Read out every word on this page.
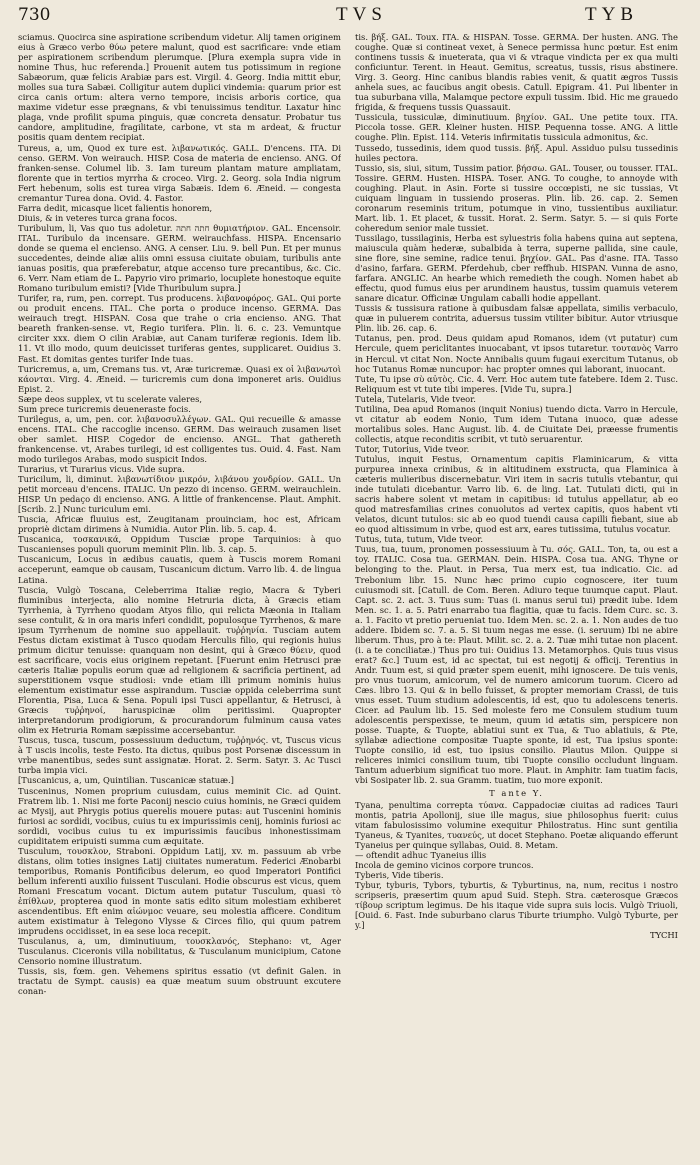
730	TVS	TYB

sciamus. Quocirca sine aspiratione scribendum videtur. Alij tamen originem eius à Græco verbo θύω petere malunt, quod est sacrificare: vnde etiam per aspirationem scribendum plerumque. [Plura exempla supra vide in nomine Thus, huc referenda.] Prouenit autem tus potissimum in regione Sabæorum, quæ felicis Arabiæ pars est. Virgil. 4. Georg. India mittit ebur, molles sua tura Sabæi. Colligitur autem duplici vindemia: quarum prior est circa canis ortum: altera verno tempore, incisis arboris cortice, qua maxime videtur esse prægnans, & vbi tenuissimus tenditur. Laxatur hinc plaga, vnde profilit spuma pinguis, quæ concreta densatur. Probatur tus candore, amplitudine, fragilitate, carbone, vt sta m ardeat, & fructur positis quam dentem recipiat.
Tureus, a, um, Quod ex ture est. λιβανωτικός. GALL. D'encens. ITA. Di censo. GERM. Von weirauch. HISP. Cosa de materia de encienso. ANG. Of franken-sense. Columel lib. 3. Iam tureum plantam mature ampliatam, florente que in tertios myrrha & croceo. Virg. 2. Georg. sola India nigrum Fert hebenum, solis est turea virga Sabæis. Idem 6. Æneid. — congesta cremantur Turea dona. Ovid. 4. Fastor.
Farra dedit, micasque licet falientis honorem,
Diuis, & in veteres turca grana focos.
Turibulum, li, Vas quo tus adoletur. חתה חתה θυμιατήριον. GAL. Encensoir. ITAL. Turibulo da incensare. GERM. weirauchfass. HISPA. Encensario donde se quema el encienso. ANG. A censer. Liu. 9. bell Pun. Et per munus succedentes, deinde aliæ aliis omni essusa ciuitate obuiam, turibulis ante ianuas positis, qua præferebatur, atque accenso ture precantibus, &c. Cic. 6. Verr. Nam etiam de L. Papyrio viro primario, locuplete honestoque equite Romano turibulum emisti? [Vide Thuribulum supra.]
Turifer, ra, rum, pen. corrept. Tus producens. λιβανοφόρος. GAL. Qui porte ou produit encens. ITAL. Che porta o produce incenso. GERMA. Das weirauch tregt. HISPAN. Cosa que trahe o cria encienso. ANG. That beareth franken-sense. vt, Regio turifera. Plin. li. 6. c. 23. Vemuntque circiter xxx. diem O cilin Arabiæ, aut Canam turiferæ regionis. Idem lib. 11. Vt illo modo, quum deuicisset turiferas gentes, supplicaret. Ouidius 3. Fast. Et domitas gentes turifer Inde tuas.
Turicremus, a, um, Cremans tus. vt, Aræ turicremæ. Quasi ex οἱ λιβανωτοὶ κάονται. Virg. 4. Æneid. — turicremis cum dona imponeret aris. Ouidius Epist. 2.
Sæpe deos supplex, vt tu scelerate valeres,
Sum prece turicremis deueneraste focis.
Turilegus, a, um, pen. cor. λιβανοσυλλέγων. GAL. Qui recueille & amasse encens. ITAL. Che raccoglie incenso. GERM. Das weirauch zusamen liset ober samlet. HISP. Cogedor de encienso. ANGL. That gathereth frankencense. vt, Arabes turilegi, id est colligentes tus. Ouid. 4. Fast. Nam modo turilegos Arabas, modo suspicit Indos.
Turarius, vt Turarius vicus. Vide supra.
Turicilum, li, diminut. λιβανωτίδιον μικρόν, λιβάνου χονδρίον. GALL. Un petit morceau d'encens. ITALIC. Un pezzo di incenso. GERM. weirauchlein. HISP. Un pedaço di encienso. ANG. A little of frankencense. Plaut. Amphit. [Scrib. 2.] Nunc turiculum emi.
Tuscia, Africæ fluuius est, Zeugitanam prouinciam, hoc est, Africam propriè dictam dirimens à Numidia. Autor Plin. lib. 5. cap. 4.
Tuscanica, τοσκανικά, Oppidum Tusciæ prope Tarquinios: à quo Tuscanienses populi quorum meminit Plin. lib. 3. cap. 5.
Tuscanicum, Locus in ædibus cauatis, quem à Tuscis morem Romani acceperunt, eamque ob causam, Tuscanicum dictum. Varro lib. 4. de lingua Latina.
Tuscia, Vulgò Toscana, Celeberrima Italiæ regio, Macra & Tyberi fluminibus interjecta, alio nomine Hetruria dicta, à Græcis etiam Tyrrhenia, à Tyrrheno quodam Atyos filio, qui relicta Mæonia in Italiam sese contulit, & in ora maris inferi condidit, populosque Tyrrhenos, & mare ipsum Tyrrhenum de nomine suo appellauit. τυῤῥηνία. Tusciam autem Festus dictam existimat à Tusco quodam Herculis filio, qui regionis huius primum dicitur tenuisse: quanquam non desint, qui à Græco θύειν, quod est sacrificare, vocis eius originem repetant. [Fuerunt enim Hetrusci præ cæteris Italiæ populis eorum quæ ad religionem & sacrificia pertinent, ad superstitionem vsque studiosi: vnde etiam illi primum nominis huius elementum existimatur esse aspirandum. Tusciæ oppida celeberrima sunt Florentia, Pisa, Luca & Sena. Populi ipsi Tusci appellantur, & Hetrusci, à Græcis τυῤῥηνοί, haruspicinæ olim peritissimi. Quapropter interpretandorum prodigiorum, & procurandorum fulminum causa vates olim ex Hetruria Romam sæpissime accersebantur.
Tuscus, tusca, tuscum, possessiuum deductum, τυῤῥηνός. vt, Tuscus vicus à T uscis incolis, teste Festo. Ita dictus, quibus post Porsenæ discessum in vrbe manentibus, sedes sunt assignatæ. Horat. 2. Serm. Satyr. 3. Ac Tusci turba impia vici.
[Tuscanicus, a, um, Quintilian. Tuscanicæ statuæ.]
Tusceninus, Nomen proprium cuiusdam, cuius meminit Cic. ad Quint. Fratrem lib. 1. Nisi me forte Paconij nescio cuius hominis, ne Græci quidem ac Mysij, aut Phrygis potius querelis mouere putas: aut Tuscenini hominis furiosi ac sordidi, vocibus, cuius tu ex impurissimis cenij, hominis furiosi ac sordidi, vocibus cuius tu ex impurissimis faucibus inhonestissimam cupiditatem eripuisti summa cum æquitate.
Tusculum, τουσκλον, Straboni. Oppidum Latij, xv. m. passuum ab vrbe distans, olim toties insignes Latij ciuitates numeratum. Federici Ænobarbi temporibus, Romanis Pontificibus delerum, eo quod Imperatori Pontifici bellum inferenti auxilio fuissent Tusculani. Hodie obscurus est vicus, quem Romani Frescatum vocant. Dictum autem putatur Tusculum, quasi τὸ ἐπίθλων, propterea quod in monte satis edito situm molestiam exhiberet ascendentibus. Eft enim αἰώνμοϲ veuare, seu molestia afficere. Conditum autem existimatur à Telegono Vlysse & Circes filio, qui quum patrem imprudens occidisset, in ea sese loca recepit.
Tusculanus, a, um, diminutiuum, τουσκλανός, Stephano: vt, Ager Tusculanus. Ciceronis villa nobilitatus, & Tusculanum municipium, Catone Censorio nomine illustratum.
Tussis, sis, fœm. gen. Vehemens spiritus essatio (vt definit Galen. in tractatu de Sympt. causis) ea quæ meatum suum obstruunt excutere conan-

tis. βήξ. GAL. Toux. ITA. & HISPAN. Tosse. GERMA. Der husten. ANG. The coughe. Quæ si contineat vexet, à Senece permissa hunc pœtur. Est enim continens tussis & inueterata, qua vi & vtraque vindicta per ex qua multi conficiuntur. Terent. in Heaut. Gemitus, screatus, tussis, risus abstinere. Virg. 3. Georg. Hinc canibus blandis rabies venit, & quatit ægros Tussis anhela sues, ac faucibus angit obesis. Catull. Epigram. 41. Pui libenter in tua suburbana villa, Malamque pectore expuli tussim. Ibid. Hic me grauedo frigida, & frequens tussis Quassauit.
Tussicula, tussiculæ, diminutiuum. βηχίον. GAL. Une petite toux. ITA. Piccola tosse. GER. Kleiner husten. HISP. Pequenna tosse. ANG. A little coughe. Plin. Epist. 114. Veteris infirmitatis tussicula admonitus, &c.
Tussedo, tussedinis, idem quod tussis. βήξ. Apul. Assiduo pulsu tussedinis huiles pectora.
Tussio, sis, siui, situm, Tussim patior. βήσσω. GAL. Touser, ou tousser. ITAL. Tossire. GERM. Husten. HISPA. Toser. ANG. To coughe, to annoyde with coughing. Plaut. in Asin. Forte si tussire occœpisti, ne sic tussias, Vt cuiquam linguam in tussiendo proseras. Plin. lib. 26. cap. 2. Semen coronarum reseminis tritum, potumque in vino, tussientibus auxiliatur. Mart. lib. 1. Et placet, & tussit. Horat. 2. Serm. Satyr. 5. — si quis Forte coheredum senior male tussiet.
Tussilago, tussilaginis, Herba est syluestris folia habens quina aut septena, maiuscula quàm hederæ, subalbida à terra, superne pallida, sine caule, sine flore, sine semine, radice tenui. βηχίον. GAL. Pas d'asne. ITA. Tasso d'asino, farfara. GERM. Pferdehub, cber reffhub. HISPAN. Vunna de asno, farfara. ANGLIC. An hearbe which remedieth the cough. Nomen habet ab effectu, quod fumus eius per arundinem haustus, tussim quamuis veterem sanare dicatur. Officinæ Ungulam caballi hodie appellant.
Tussis & tussisura ratione à quibusdam falsæ appellata, similis verbaculo, quæ in puluerem contrita, aduersus tussim vtiliter bibitur. Autor vtriusque Plin. lib. 26. cap. 6.
Tutanus, pen. prod. Deus quidam apud Romanos, idem (vt putatur) cum Hercule, quem periclitantes inuocabant, vt ipsos tutaretur. τουτανὸς Varro in Hercul. vt citat Non. Nocte Annibalis quum fugaui exercitum Tutanus, ob hoc Tutanus Romæ nuncupor: hac propter omnes qui laborant, inuocant.
Tute, Tu ipse σὺ αὐτὸς. Cic. 4. Verr. Hoc autem tute fatebere. Idem 2. Tusc. Reliquum est vt tute tibi imperes. [Vide Tu, supra.]
Tutela, Tutelaris, Vide tveor.
Tutilina, Dea apud Romanos (inquit Nonius) tuendo dicta. Varro in Hercule, vt citatur ab eodem Nonio, Tum idem Tutana inuoco, quæ adesse mortalibus soles. Hanc August. lib. 4. de Ciuitate Dei, præesse frumentis collectis, atque reconditis scribit, vt tutò seruarentur.
Tutor, Tutorius, Vide tveor.
Tutulus, inquit Festus, Ornamentum capitis Flaminicarum, & vitta purpurea innexa crinibus, & in altitudinem exstructa, qua Flaminica à cæteris mulieribus discernebatur. Viri item in sacris tutulis vtebantur, qui inde tutulati dicebantur. Varro lib. 6. de ling. Lat. Tutulati dicti, qui in sacris habere solent vt metam in capitibus: id tutulus appellatur, ab eo quod matresfamilias crines conuolutos ad vertex capitis, quos habent vti velatos, dicunt tutulos: sic ab eo quod tuendi causa capilli fiebant, siue ab eo quod altissimum in vrbe, quod est arx, eares tutissima, tutulus vocatur.
Tutus, tuta, tutum, Vide tveor.
Tuus, tua, tuum, pronomen possessiuum à Tu. σός. GALL. Ton, ta, ou est a toy. ITALIC. Cosa tua. GERMAN. Dein. HISPA. Cosa tua. ANG. Thyne or belonging to the. Plaut. in Persa, Tua merx est, tua indicatio. Cic. ad Trebonium libr. 15. Nunc hæc primo cupio cognoscere, iter tuum cuiusmodi sit. [Catull. de Com. Beren. Adiuro teque tuumque caput. Plaut. Capt. sc. 2. act. 3. Tuus sum: Tuas (i. manus serui tui) prædit iube. Idem Men. sc. 1. a. 5. Patri enarrabo tua flagitia, quæ tu facis. Idem Curc. sc. 3. a. 1. Facito vt pretio perueniat tuo. Idem Men. sc. 2. a. 1. Non audes de tuo addere. Ibidem sc. 7. a. 5. Si tuum negas me esse. (i. seruum) Ibi ne abire liberum. Thus, pro à te: Plaut. Milit. sc. 2. a. 2. Tuæ mihi tutae non placent. (i. a te conciliatæ.) Thus pro tui: Ouidius 13. Metamorphos. Quis tuus visus erat? &c.] Tuum est, id ac spectat, tui est negotij & officij. Terentius in Andr. Tuum est, si quid præter spem euenit, mihi ignoscere. De tuis venis, pro vnus tuorum, amicorum, vel de numero amicorum tuorum. Cicero ad Cæs. libro 13. Qui & in bello fuisset, & propter memoriam Crassi, de tuis vnus esset. Tuum studium adolescentis, id est, quo tu adolescens teneris. Cicer. ad Paulum lib. 15. Sed moleste fero me Consulem studium tuum adolescentis perspexisse, te meum, quum id ætatis sim, perspicere non posse. Tuapte, & Tuopte, ablatiui sunt ex Tua, & Tuo ablatiuis, & Pte, syllabæ adiectione compositæ Tuapte sponte, id est, Tua ipsius sponte: Tuopte consilio, id est, tuo ipsius consilio. Plautus Milon. Quippe si reliceres inimici consilium tuum, tibi Tuopte consilio occludunt linguam. Tantum aduerbium significat tuo more. Plaut. in Amphitr. Iam tuatim facis, vbi Sosipater lib. 2. sua Gramm. tuatim, tuo more exponit.

T ante Y.
Tyana, penultima correpta τύανα. Cappadociæ ciuitas ad radices Tauri montis, patria Apollonij, siue ille magus, siue philosophus fuerit: cuius vitam fabulosissimo volumine exequitur Philostratus. Hinc sunt gentilia Tyaneus, & Tyanites, τυανεύς, ut docet Stephano. Poetæ aliquando efferunt Tyaneius per quinque syllabas, Ouid. 8. Metam.
— oftendit adhuc Tyaneius illis
Incola de gemino vicinos corpore truncos.
Tyberis, Vide tiberis.
Tybur, tyburis, Tybors, tyburtis, & Tyburtinus, na, num, recitus i nostro scripseris, præsertim quum apud Suid. Steph. Stra. cæterosque Græcos τίβουρ scriptum legimus. De his itaque vide supra suis locis. Vulgò Triuoli, [Ouid. 6. Fast. Inde suburbano clarus Tiburte triumpho. Vulgò Tyburte, per y.]

TYCHI
